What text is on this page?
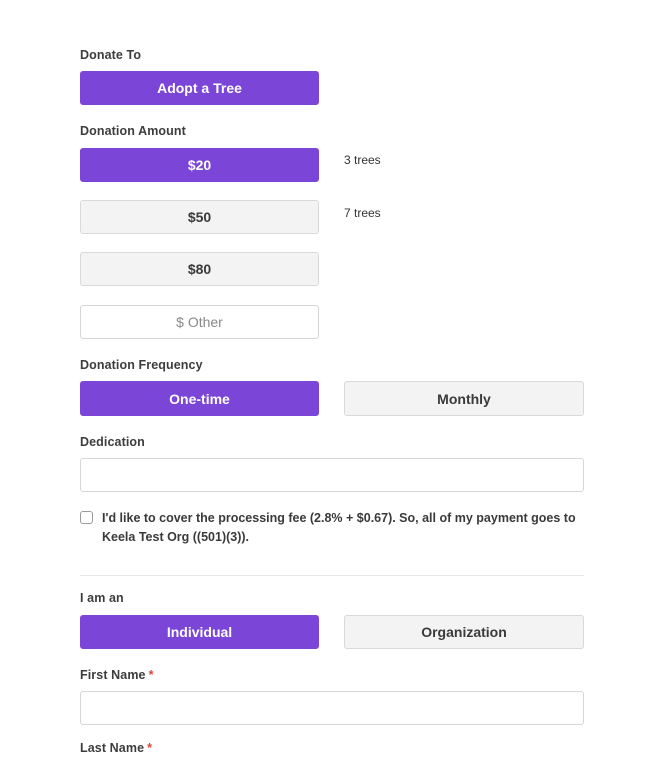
Donate To
Adopt a Tree
Donation Amount
$20	3 trees
$50	7 trees
$80
$ Other
Donation Frequency
One-time	Monthly
Dedication
I'd like to cover the processing fee (2.8% + $0.67). So, all of my payment goes to Keela Test Org ((501)(3)).
I am an
Individual	Organization
First Name *
Last Name *
